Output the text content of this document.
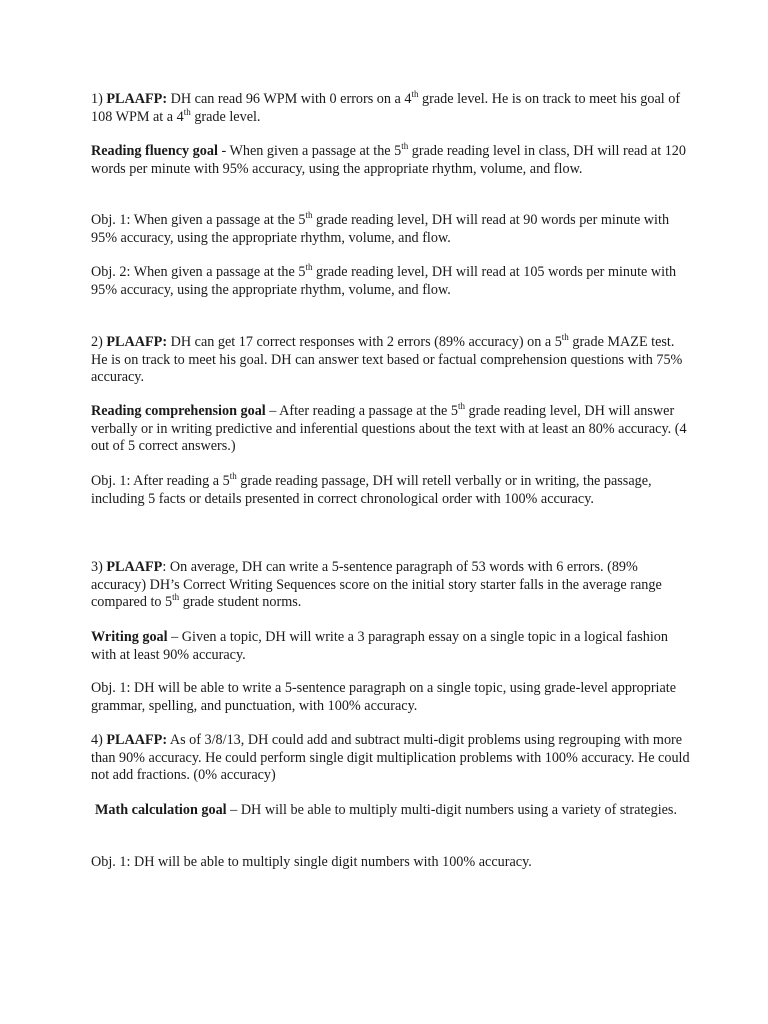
1) PLAAFP: DH can read 96 WPM with 0 errors on a 4th grade level. He is on track to meet his goal of 108 WPM at a 4th grade level.

Reading fluency goal - When given a passage at the 5th grade reading level in class, DH will read at 120 words per minute with 95% accuracy, using the appropriate rhythm, volume, and flow.

Obj. 1: When given a passage at the 5th grade reading level, DH will read at 90 words per minute with 95% accuracy, using the appropriate rhythm, volume, and flow.

Obj. 2: When given a passage at the 5th grade reading level, DH will read at 105 words per minute with 95% accuracy, using the appropriate rhythm, volume, and flow.

2) PLAAFP: DH can get 17 correct responses with 2 errors (89% accuracy) on a 5th grade MAZE test. He is on track to meet his goal. DH can answer text based or factual comprehension questions with 75% accuracy.

Reading comprehension goal – After reading a passage at the 5th grade reading level, DH will answer verbally or in writing predictive and inferential questions about the text with at least an 80% accuracy. (4 out of 5 correct answers.)

Obj. 1: After reading a 5th grade reading passage, DH will retell verbally or in writing, the passage, including 5 facts or details presented in correct chronological order with 100% accuracy.

3) PLAAFP: On average, DH can write a 5-sentence paragraph of 53 words with 6 errors. (89% accuracy) DH’s Correct Writing Sequences score on the initial story starter falls in the average range compared to 5th grade student norms.

Writing goal – Given a topic, DH will write a 3 paragraph essay on a single topic in a logical fashion with at least 90% accuracy.

Obj. 1: DH will be able to write a 5-sentence paragraph on a single topic, using grade-level appropriate grammar, spelling, and punctuation, with 100% accuracy.

4) PLAAFP: As of 3/8/13, DH could add and subtract multi-digit problems using regrouping with more than 90% accuracy. He could perform single digit multiplication problems with 100% accuracy. He could not add fractions. (0% accuracy)

Math calculation goal – DH will be able to multiply multi-digit numbers using a variety of strategies.

Obj. 1: DH will be able to multiply single digit numbers with 100% accuracy.
